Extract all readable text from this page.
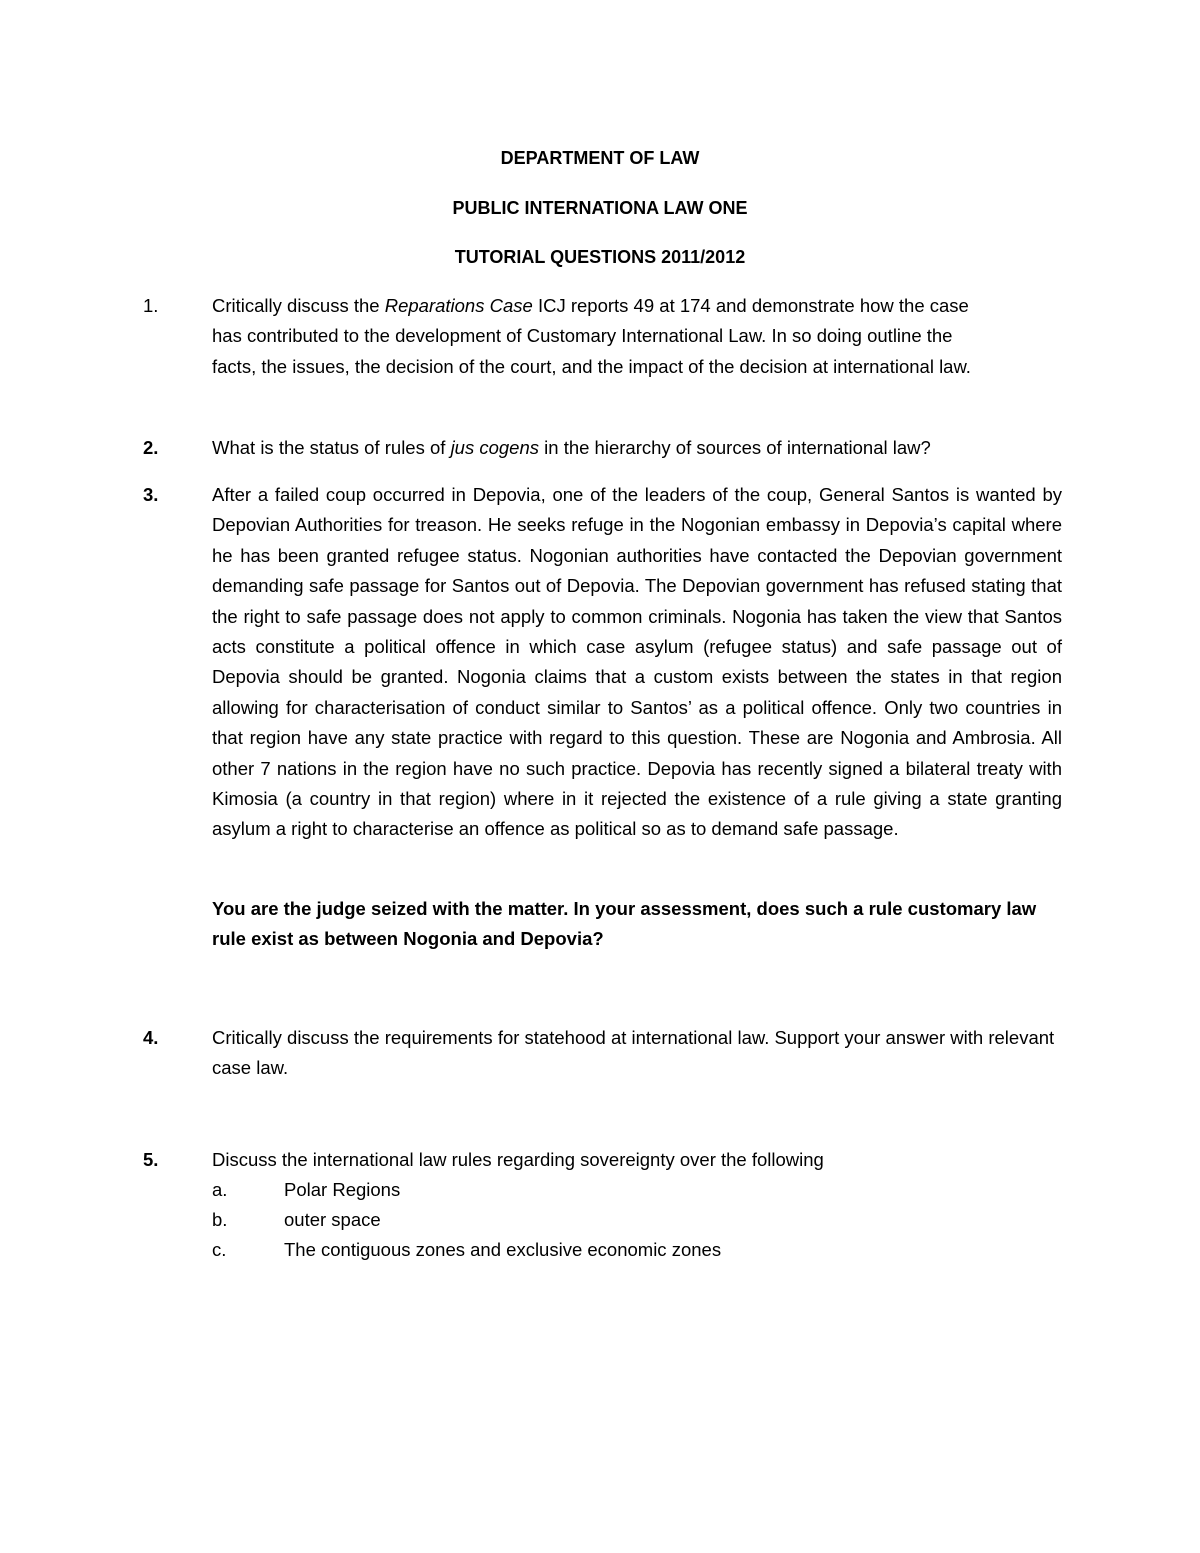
DEPARTMENT OF LAW
PUBLIC INTERNATIONA LAW ONE
TUTORIAL QUESTIONS 2011/2012
1.	Critically discuss the Reparations Case ICJ reports 49 at 174 and demonstrate how the case has contributed to the development of Customary International Law. In so doing outline the facts, the issues, the decision of the court, and the impact of the decision at international law.
2.	What is the status of rules of jus cogens in the hierarchy of sources of international law?
3.	After a failed coup occurred in Depovia, one of the leaders of the coup, General Santos is wanted by Depovian Authorities for treason. He seeks refuge in the Nogonian embassy in Depovia’s capital where he has been granted refugee status. Nogonian authorities have contacted the Depovian government demanding safe passage for Santos out of Depovia. The Depovian government has refused stating that the right to safe passage does not apply to common criminals. Nogonia has taken the view that Santos acts constitute a political offence in which case asylum (refugee status) and safe passage out of Depovia should be granted. Nogonia claims that a custom exists between the states in that region allowing for characterisation of conduct similar to Santos’ as a political offence. Only two countries in that region have any state practice with regard to this question. These are Nogonia and Ambrosia. All other 7 nations in the region have no such practice. Depovia has recently signed a bilateral treaty with Kimosia (a country in that region) where in it rejected the existence of a rule giving a state granting asylum a right to characterise an offence as political so as to demand safe passage.
You are the judge seized with the matter. In your assessment, does such a rule customary law rule exist as between Nogonia and Depovia?
4.	Critically discuss the requirements for statehood at international law. Support your answer with relevant case law.
5.	Discuss the international law rules regarding sovereignty over the following
a.	Polar Regions
b.	outer space
c.	The contiguous zones and exclusive economic zones
